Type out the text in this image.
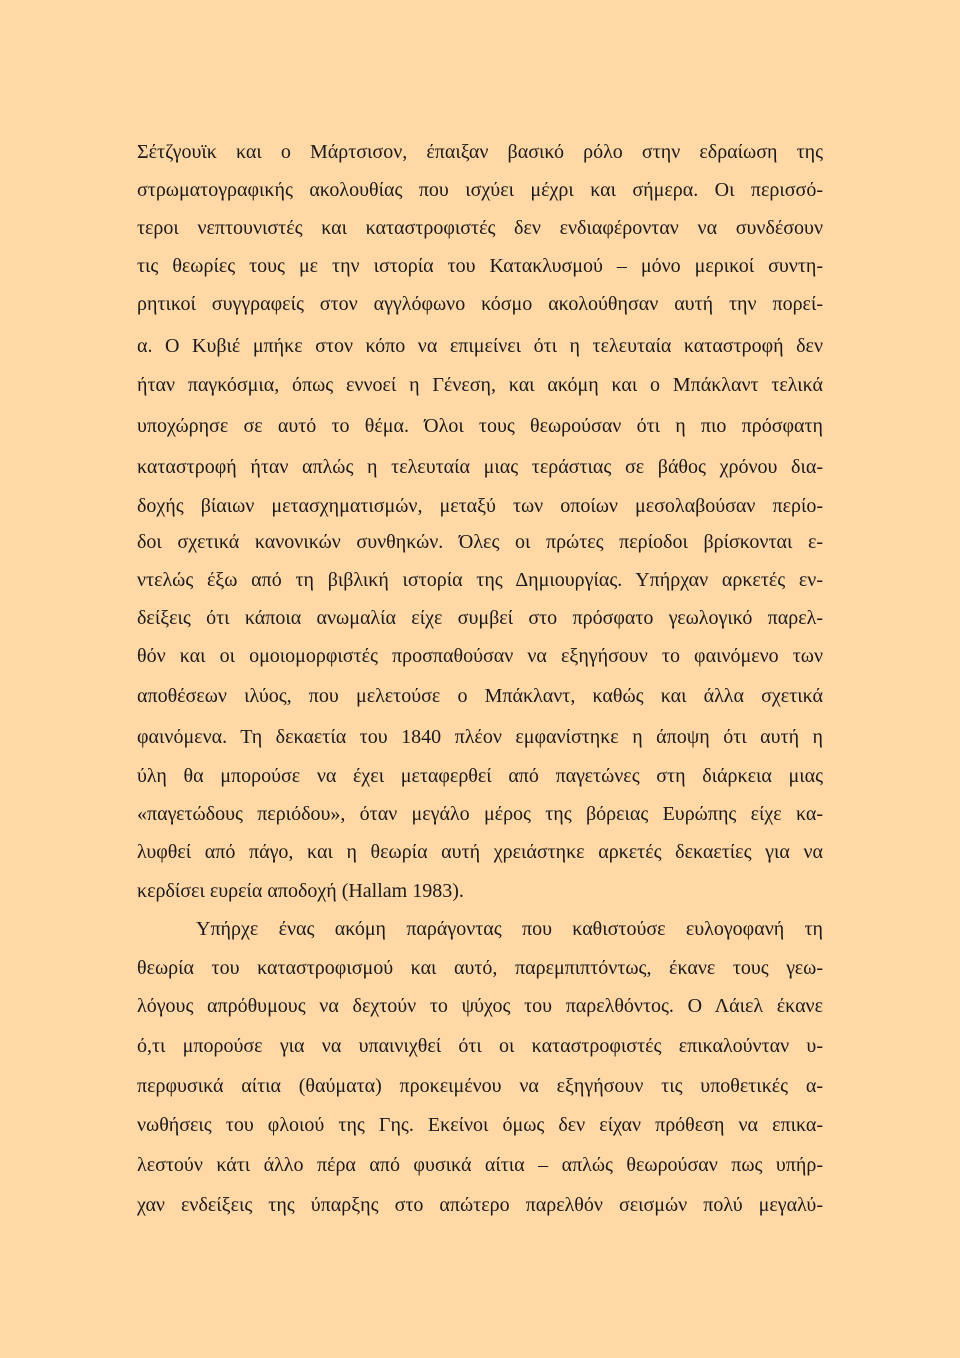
Σέτζγουϊκ και ο Μάρτσισον, έπαιξαν βασικό ρόλο στην εδραίωση της
στρωματογραφικής ακολουθίας που ισχύει μέχρι και σήμερα. Οι περισσό-
τεροι νεπτουνιστές και καταστροφιστές δεν ενδιαφέρονταν να συνδέσουν
τις θεωρίες τους με την ιστορία του Κατακλυσμού – μόνο μερικοί συντη-
ρητικοί συγγραφείς στον αγγλόφωνο κόσμο ακολούθησαν αυτή την πορεί-
α. Ο Κυβιέ μπήκε στον κόπο να επιμείνει ότι η τελευταία καταστροφή δεν
ήταν παγκόσμια, όπως εννοεί η Γένεση, και ακόμη και ο Μπάκλαντ τελικά
υποχώρησε σε αυτό το θέμα. Όλοι τους θεωρούσαν ότι η πιο πρόσφατη
καταστροφή ήταν απλώς η τελευταία μιας τεράστιας σε βάθος χρόνου δια-
δοχής βίαιων μετασχηματισμών, μεταξύ των οποίων μεσολαβούσαν περίο-
δοι σχετικά κανονικών συνθηκών. Όλες οι πρώτες περίοδοι βρίσκονται ε-
ντελώς έξω από τη βιβλική ιστορία της Δημιουργίας. Υπήρχαν αρκετές εν-
δείξεις ότι κάποια ανωμαλία είχε συμβεί στο πρόσφατο γεωλογικό παρελ-
θόν και οι ομοιομορφιστές προσπαθούσαν να εξηγήσουν το φαινόμενο των
αποθέσεων ιλύος, που μελετούσε ο Μπάκλαντ, καθώς και άλλα σχετικά
φαινόμενα. Τη δεκαετία του 1840 πλέον εμφανίστηκε η άποψη ότι αυτή η
ύλη θα μπορούσε να έχει μεταφερθεί από παγετώνες στη διάρκεια μιας
«παγετώδους περιόδου», όταν μεγάλο μέρος της βόρειας Ευρώπης είχε κα-
λυφθεί από πάγο, και η θεωρία αυτή χρειάστηκε αρκετές δεκαετίες για να
κερδίσει ευρεία αποδοχή (Hallam 1983).
Υπήρχε ένας ακόμη παράγοντας που καθιστούσε ευλογοφανή τη
θεωρία του καταστροφισμού και αυτό, παρεμπιπτόντως, έκανε τους γεω-
λόγους απρόθυμους να δεχτούν το ψύχος του παρελθόντος. Ο Λάιελ έκανε
ό,τι μπορούσε για να υπαινιχθεί ότι οι καταστροφιστές επικαλούνταν υ-
περφυσικά αίτια (θαύματα) προκειμένου να εξηγήσουν τις υποθετικές α-
νωθήσεις του φλοιού της Γης. Εκείνοι όμως δεν είχαν πρόθεση να επικα-
λεστούν κάτι άλλο πέρα από φυσικά αίτια – απλώς θεωρούσαν πως υπήρ-
χαν ενδείξεις της ύπαρξης στο απώτερο παρελθόν σεισμών πολύ μεγαλύ-
